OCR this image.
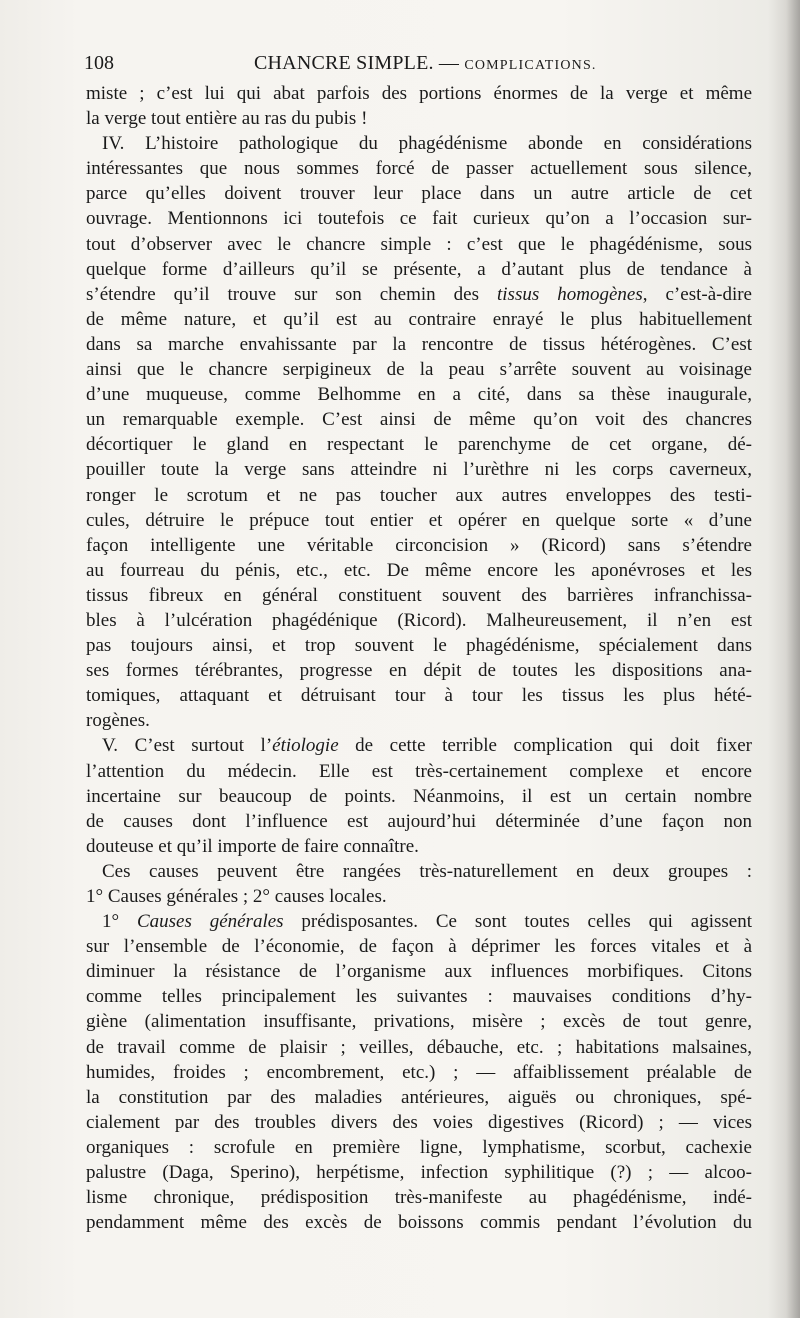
108	CHANCRE SIMPLE. — COMPLICATIONS.
miste ; c’est lui qui abat parfois des portions énormes de la verge et même
la verge tout entière au ras du pubis !
IV. L’histoire pathologique du phagédénisme abonde en considérations
intéressantes que nous sommes forcé de passer actuellement sous silence,
parce qu’elles doivent trouver leur place dans un autre article de cet
ouvrage. Mentionnons ici toutefois ce fait curieux qu’on a l’occasion sur-
tout d’observer avec le chancre simple : c’est que le phagédénisme, sous
quelque forme d’ailleurs qu’il se présente, a d’autant plus de tendance à
s’étendre qu’il trouve sur son chemin des tissus homogènes, c’est-à-dire
de même nature, et qu’il est au contraire enrayé le plus habituellement
dans sa marche envahissante par la rencontre de tissus hétérogènes. C’est
ainsi que le chancre serpigineux de la peau s’arrête souvent au voisinage
d’une muqueuse, comme Belhomme en a cité, dans sa thèse inaugurale,
un remarquable exemple. C’est ainsi de même qu’on voit des chancres
décortiquer le gland en respectant le parenchyme de cet organe, dé-
pouiller toute la verge sans atteindre ni l’urèthre ni les corps caverneux,
ronger le scrotum et ne pas toucher aux autres enveloppes des testi-
cules, détruire le prépuce tout entier et opérer en quelque sorte « d’une
façon intelligente une véritable circoncision » (Ricord) sans s’étendre
au fourreau du pénis, etc., etc. De même encore les aponévroses et les
tissus fibreux en général constituent souvent des barrières infranchissa-
bles à l’ulcération phagédénique (Ricord). Malheureusement, il n’en est
pas toujours ainsi, et trop souvent le phagédénisme, spécialement dans
ses formes térébrantes, progresse en dépit de toutes les dispositions ana-
tomiques, attaquant et détruisant tour à tour les tissus les plus hété-
rogènes.
V. C’est surtout l’étiologie de cette terrible complication qui doit fixer
l’attention du médecin. Elle est très-certainement complexe et encore
incertaine sur beaucoup de points. Néanmoins, il est un certain nombre
de causes dont l’influence est aujourd’hui déterminée d’une façon non
douteuse et qu’il importe de faire connaître.
Ces causes peuvent être rangées très-naturellement en deux groupes :
1° Causes générales ; 2° causes locales.
1° Causes générales prédisposantes. Ce sont toutes celles qui agissent
sur l’ensemble de l’économie, de façon à déprimer les forces vitales et à
diminuer la résistance de l’organisme aux influences morbifiques. Citons
comme telles principalement les suivantes : mauvaises conditions d’hy-
giène (alimentation insuffisante, privations, misère ; excès de tout genre,
de travail comme de plaisir ; veilles, débauche, etc. ; habitations malsaines,
humides, froides ; encombrement, etc.) ; — affaiblissement préalable de
la constitution par des maladies antérieures, aiguës ou chroniques, spé-
cialement par des troubles divers des voies digestives (Ricord) ; — vices
organiques : scrofule en première ligne, lymphatisme, scorbut, cachexie
palustre (Daga, Sperino), herpétisme, infection syphilitique (?) ; — alcoo-
lisme chronique, prédisposition très-manifeste au phagédénisme, indé-
pendamment même des excès de boissons commis pendant l’évolution du
